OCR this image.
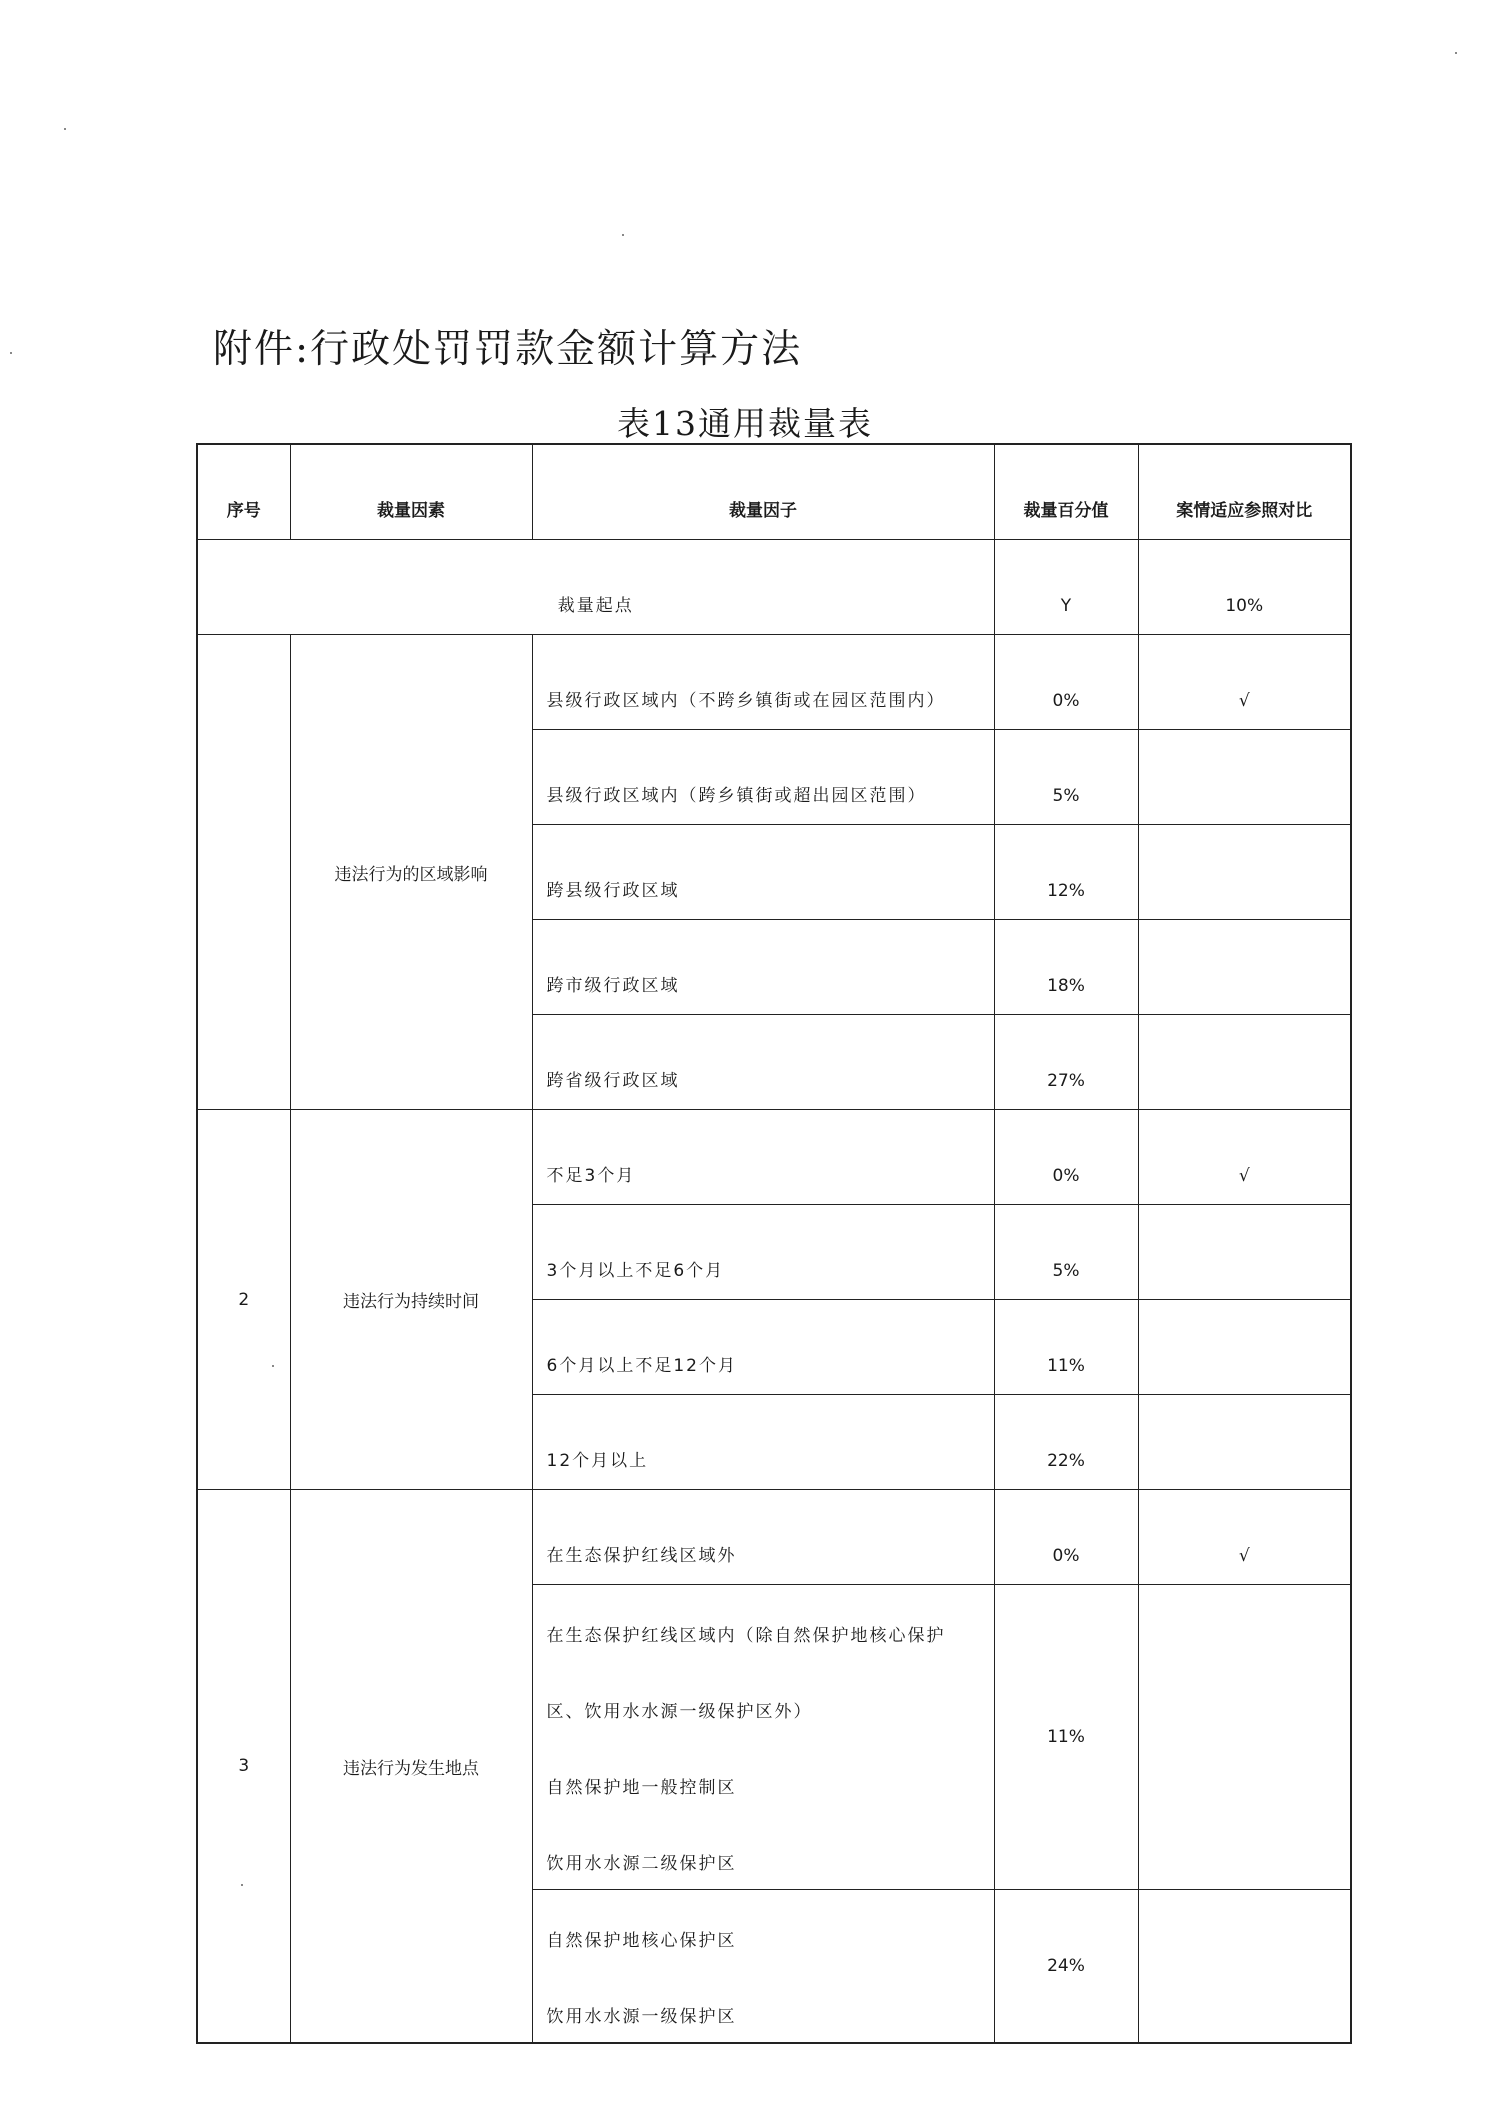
附件:行政处罚罚款金额计算方法
表13通用裁量表
序号	裁量因素	裁量因子	裁量百分值	案情适应参照对比
裁量起点			Y	10%
	违法行为的区域影响	县级行政区域内（不跨乡镇街或在园区范围内）	0%	√
		县级行政区域内（跨乡镇街或超出园区范围）	5%	
		跨县级行政区域	12%	
		跨市级行政区域	18%	
		跨省级行政区域	27%	
2	违法行为持续时间	不足3个月	0%	√
		3个月以上不足6个月	5%	
		6个月以上不足12个月	11%	
		12个月以上	22%	
3	违法行为发生地点	在生态保护红线区域外	0%	√

		在生态保护红线区域内（除自然保护地核心保护
区、饮用水水源一级保护区外）
自然保护地一般控制区
饮用水水源二级保护区	11%	

		自然保护地核心保护区
饮用水水源一级保护区	24%	
